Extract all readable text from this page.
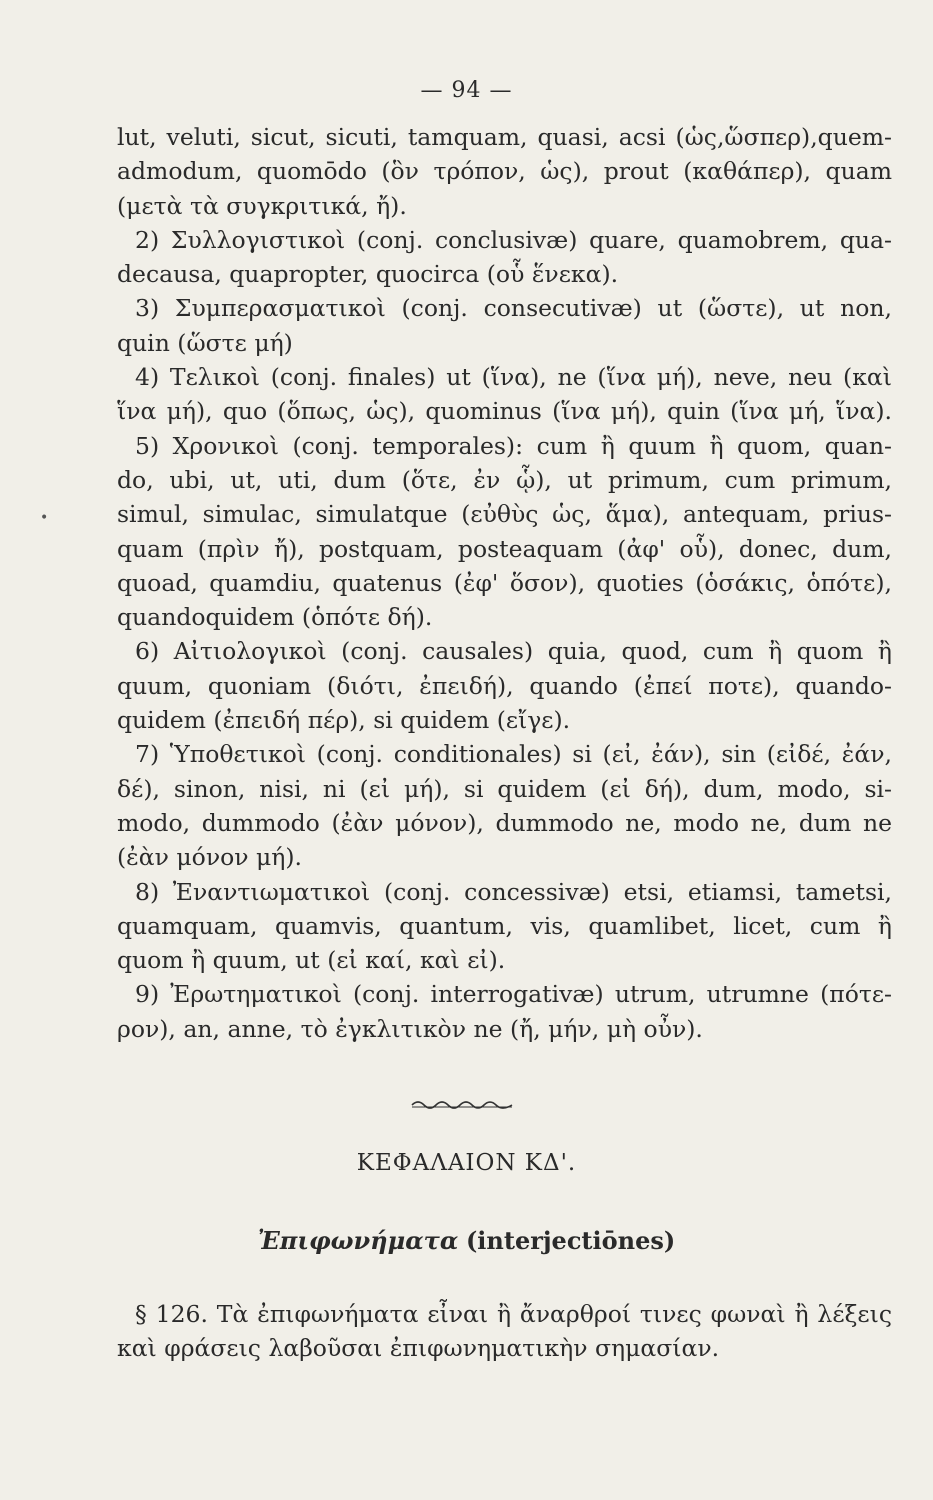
— 94 —
•
lut, veluti, sicut, sicuti, tamquam, quasi, acsi (ὡς,ὥσπερ),quem-
admodum, quomōdo (ὃν τρόπον, ὡς), prout (καθάπερ), quam
(μετὰ τὰ συγκριτικά, ἤ).
2) Συλλογιστικοὶ (conj. conclusivæ) quare, quamobrem, qua-
decausa, quapropter, quocirca (οὗ ἕνεκα).
3) Συμπερασματικοὶ (conj. consecutivæ) ut (ὥστε), ut non,
quin (ὥστε μή)
4) Τελικοὶ (conj. finales) ut (ἵνα), ne (ἵνα μή), neve, neu (καὶ
ἵνα μή), quo (ὅπως, ὡς), quominus (ἵνα μή), quin (ἵνα μή, ἵνα).
5) Χρονικοὶ (conj. temporales): cum ἢ quum ἢ quom, quan-
do, ubi, ut, uti, dum (ὅτε, ἐν ᾧ), ut primum, cum primum,
simul, simulac, simulatque (εὐθὺς ὡς, ἅμα), antequam, prius-
quam (πρὶν ἤ), postquam, posteaquam (ἀφ' οὗ), donec, dum,
quoad, quamdiu, quatenus (ἐφ' ὅσον), quoties (ὁσάκις, ὁπότε),
quandoquidem (ὁπότε δή).
6) Αἰτιολογικοὶ (conj. causales) quia, quod, cum ἢ quom ἢ
quum, quoniam (διότι, ἐπειδή), quando (ἐπεί ποτε), quando-
quidem (ἐπειδή πέρ), si quidem (εἴγε).
7) Ὑποθετικοὶ (conj. conditionales) si (εἰ, ἐάν), sin (εἰδέ, ἐάν,
δέ), sinon, nisi, ni (εἰ μή), si quidem (εἰ δή), dum, modo, si-
modo, dummodo (ἐὰν μόνον), dummodo ne, modo ne, dum ne
(ἐὰν μόνον μή).
8) Ἐναντιωματικοὶ (conj. concessivæ) etsi, etiamsi, tametsi,
quamquam, quamvis, quantum, vis, quamlibet, licet, cum ἢ
quom ἢ quum, ut (εἰ καί, καὶ εἰ).
9) Ἐρωτηματικοὶ (conj. interrogativæ) utrum, utrumne (πότε-
ρον), an, anne, τὸ ἐγκλιτικὸν ne (ἤ, μήν, μὴ οὖν).
ΚΕΦΑΛΑΙΟΝ ΚΔ'.
Ἐπιφωνήματα (interjectiōnes)
§ 126. Τὰ ἐπιφωνήματα εἶναι ἢ ἄναρθροί τινες φωναὶ ἢ λέξεις
καὶ φράσεις λαβοῦσαι ἐπιφωνηματικὴν σημασίαν.
